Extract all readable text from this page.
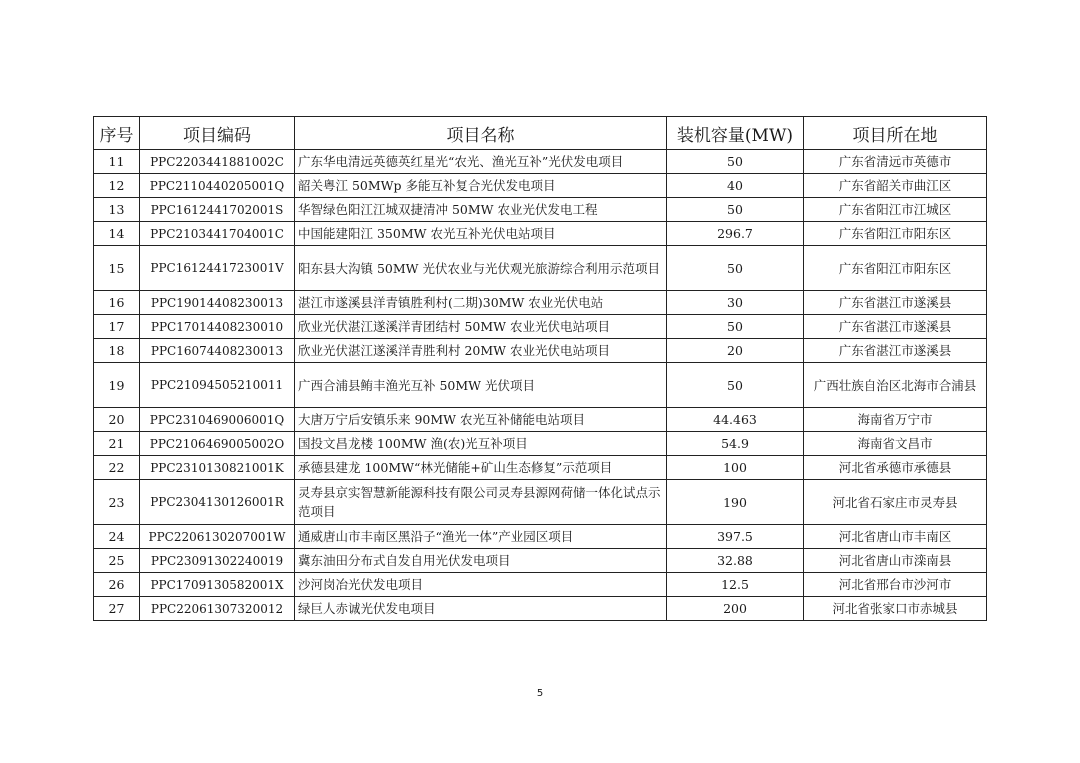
序号	项目编码	项目名称	装机容量(MW)	项目所在地
11	PPC2203441881002C	广东华电清远英德英红星光“农光、渔光互补”光伏发电项目	50	广东省清远市英德市
12	PPC2110440205001Q	韶关粤江 50MWp 多能互补复合光伏发电项目	40	广东省韶关市曲江区
13	PPC1612441702001S	华智绿色阳江江城双捷清冲 50MW 农业光伏发电工程	50	广东省阳江市江城区
14	PPC2103441704001C	中国能建阳江 350MW 农光互补光伏电站项目	296.7	广东省阳江市阳东区
15	PPC1612441723001V	阳东县大沟镇 50MW 光伏农业与光伏观光旅游综合利用示范项目	50	广东省阳江市阳东区
16	PPC19014408230013	湛江市遂溪县洋青镇胜利村(二期)30MW 农业光伏电站	30	广东省湛江市遂溪县
17	PPC17014408230010	欣业光伏湛江遂溪洋青团结村 50MW 农业光伏电站项目	50	广东省湛江市遂溪县
18	PPC16074408230013	欣业光伏湛江遂溪洋青胜利村 20MW 农业光伏电站项目	20	广东省湛江市遂溪县
19	PPC21094505210011	广西合浦县鲔丰渔光互补 50MW 光伏项目	50	广西壮族自治区北海市合浦县
20	PPC2310469006001Q	大唐万宁后安镇乐来 90MW 农光互补储能电站项目	44.463	海南省万宁市
21	PPC2106469005002O	国投文昌龙楼 100MW 渔(农)光互补项目	54.9	海南省文昌市
22	PPC2310130821001K	承德县建龙 100MW“林光储能+矿山生态修复”示范项目	100	河北省承德市承德县
23	PPC2304130126001R	灵寿县京实智慧新能源科技有限公司灵寿县源网荷储一体化试点示范项目	190	河北省石家庄市灵寿县
24	PPC2206130207001W	通威唐山市丰南区黑沿子“渔光一体”产业园区项目	397.5	河北省唐山市丰南区
25	PPC23091302240019	冀东油田分布式自发自用光伏发电项目	32.88	河北省唐山市滦南县
26	PPC1709130582001X	沙河岗冶光伏发电项目	12.5	河北省邢台市沙河市
27	PPC22061307320012	绿巨人赤诚光伏发电项目	200	河北省张家口市赤城县
5
